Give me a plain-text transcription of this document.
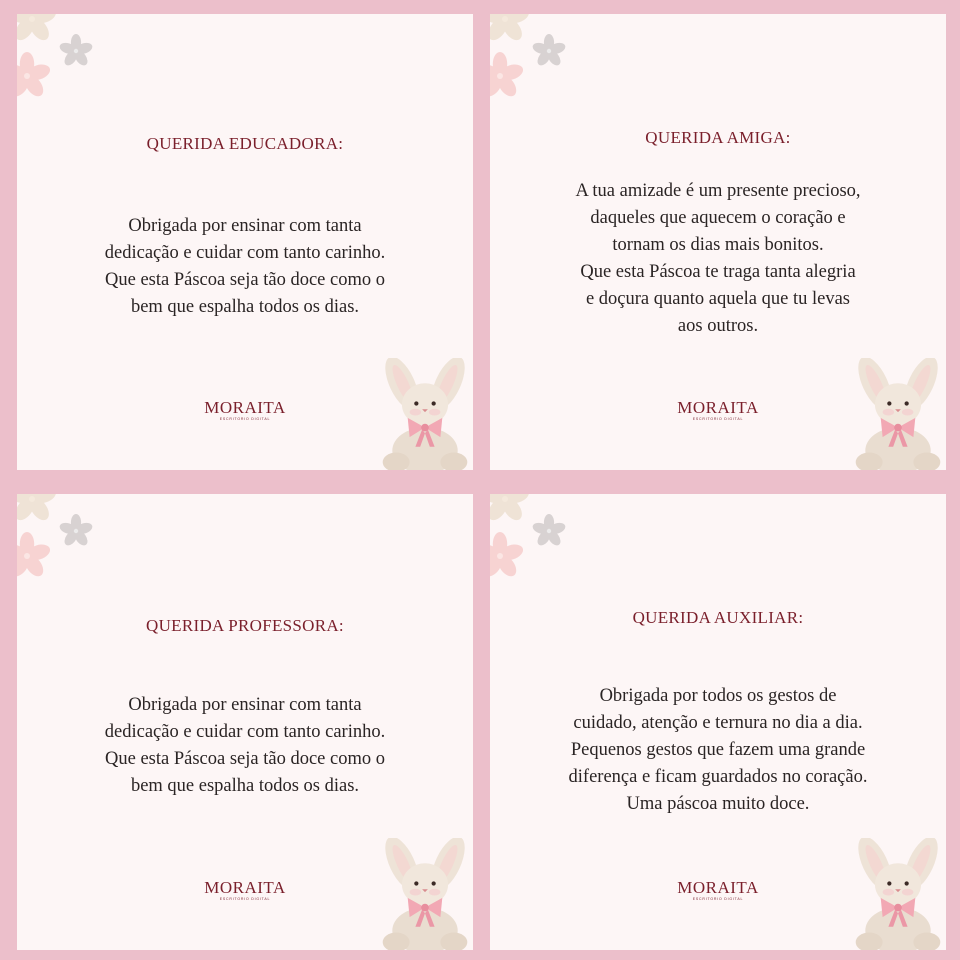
QUERIDA EDUCADORA:
Obrigada por ensinar com tanta
dedicação e cuidar com tanto carinho.
Que esta Páscoa seja tão doce como o
bem que espalha todos os dias.
MORAITA
ESCRITORIO DIGITAL
QUERIDA AMIGA:
A tua amizade é um presente precioso,
daqueles que aquecem o coração e
tornam os dias mais bonitos.
Que esta Páscoa te traga tanta alegria
e doçura quanto aquela que tu levas
aos outros.
MORAITA
ESCRITORIO DIGITAL
QUERIDA PROFESSORA:
Obrigada por ensinar com tanta
dedicação e cuidar com tanto carinho.
Que esta Páscoa seja tão doce como o
bem que espalha todos os dias.
MORAITA
ESCRITORIO DIGITAL
QUERIDA AUXILIAR:
Obrigada por todos os gestos de
cuidado, atenção e ternura no dia a dia.
Pequenos gestos que fazem uma grande
diferença e ficam guardados no coração.
Uma páscoa muito doce.
MORAITA
ESCRITORIO DIGITAL
